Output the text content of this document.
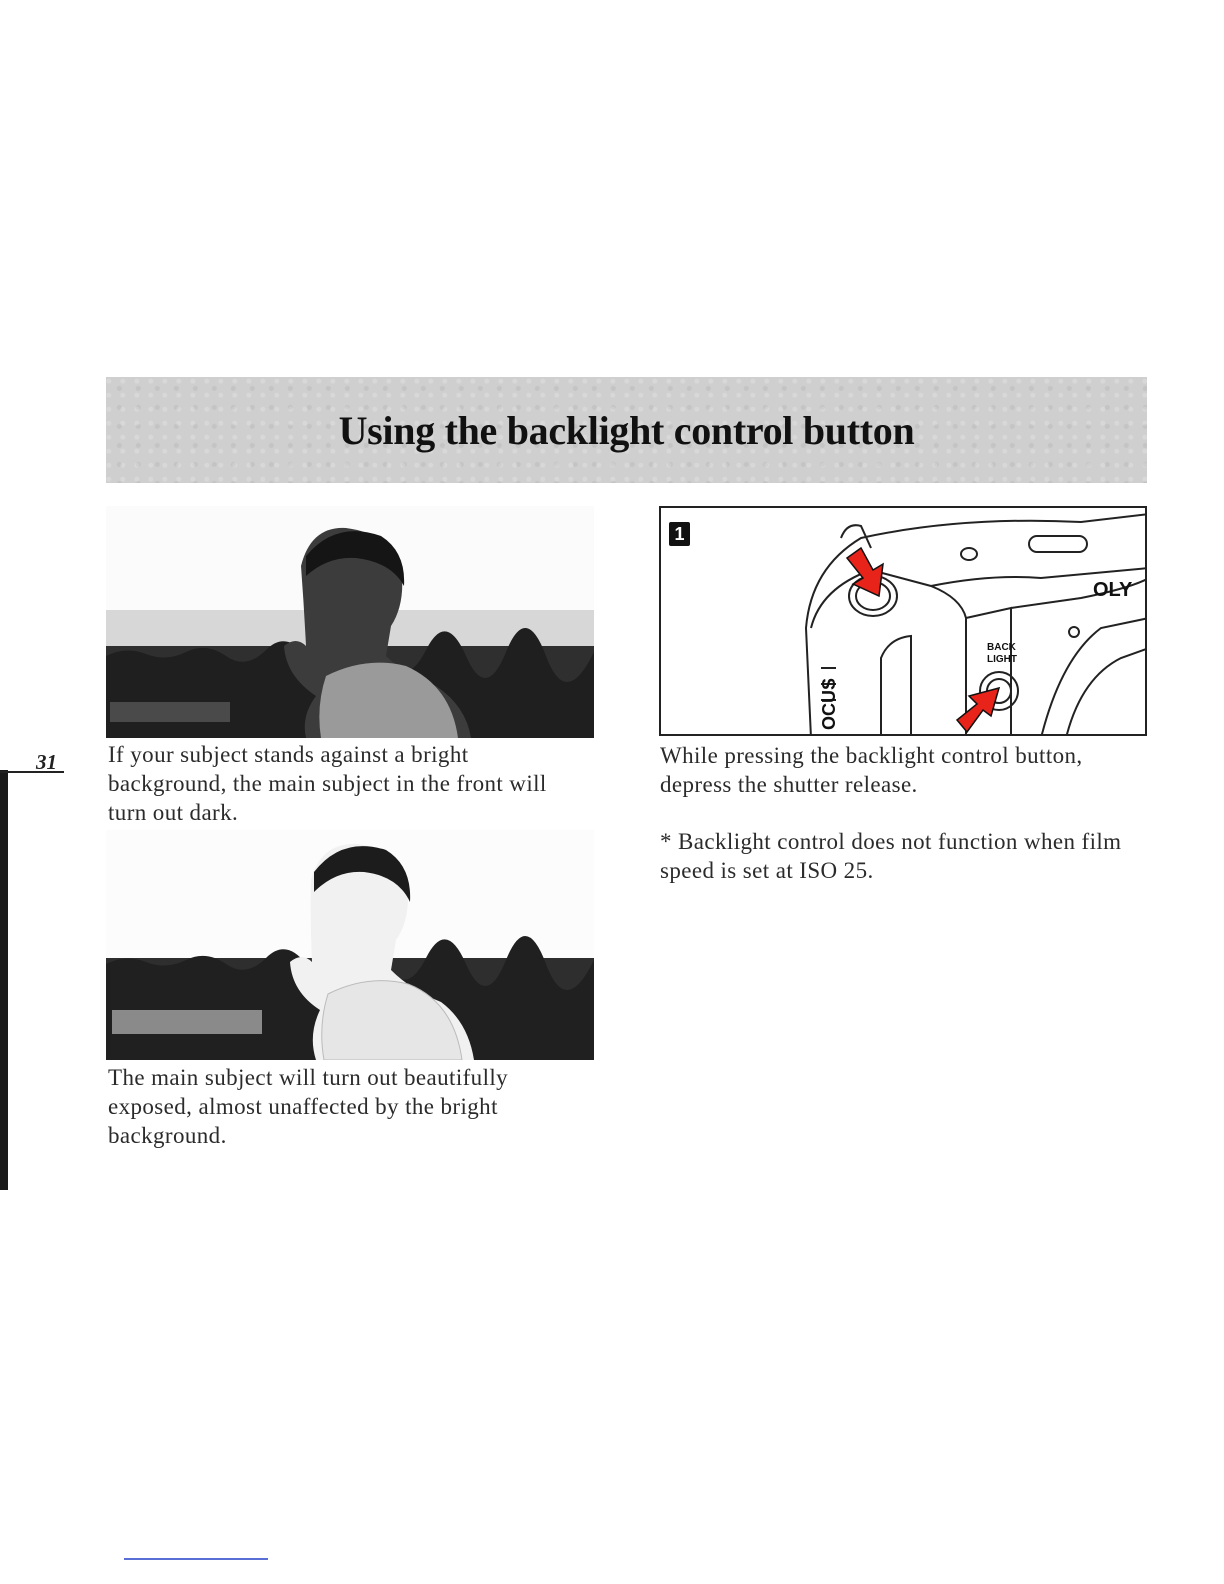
31
Using the backlight control button
If your subject stands against a bright background, the main subject in the front will turn out dark.
The main subject will turn out beautifully exposed, almost unaffected by the bright background.
1
OLY
BACK
LIGHT
OCUS
While pressing the backlight control button, depress the shutter release.
* Backlight control does not function when film speed is set at ISO 25.
